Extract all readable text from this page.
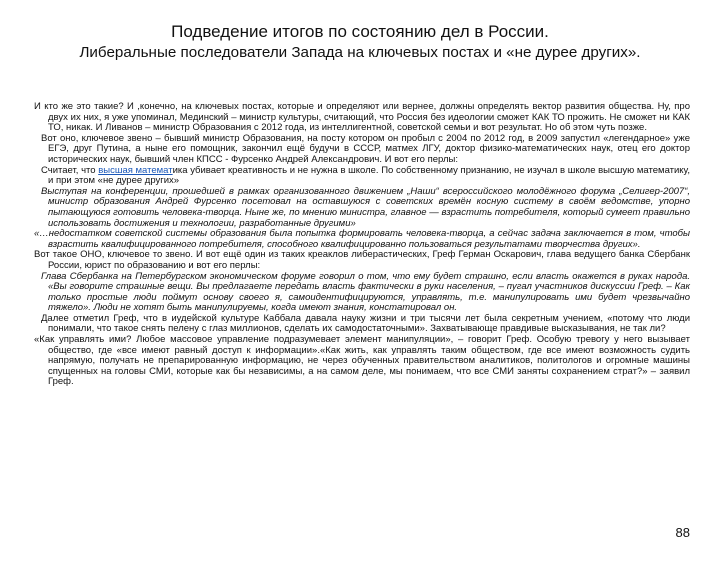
Подведение итогов по состоянию дел в России.
Либеральные последователи Запада на ключевых постах и «не дурее других».

И кто же это такие? И ,конечно, на ключевых постах, которые и определяют или вернее, должны определять вектор развития общества. Ну, про двух их них, я уже упоминал, Мединский – министр культуры, считающий, что Россия без идеологии сможет КАК ТО прожить. Не сможет ни КАК ТО, никак. И Ливанов – министр Образования с 2012 года, из интеллигентной, советской семьи и вот результат. Но об этом чуть позже.

Вот оно, ключевое звено – бывший министр Образования, на посту котором он пробыл с 2004 по 2012 год, в 2009 запустил «легендарное» уже ЕГЭ, друг Путина, а ныне его помощник, закончил ещё будучи в СССР, матмех ЛГУ, доктор физико-математических наук, отец его доктор исторических наук, бывший член КПСС - Фурсенко Андрей Александрович. И вот его перлы:

Считает, что высшая математика убивает креативность и не нужна в школе. По собственному признанию, не изучал в школе высшую математику, и при этом «не дурее других»

Выступая на конференции, прошедшей в рамках организованного движением „Наши“ всероссийского молодёжного форума „Селигер-2007“, министр образования Андрей Фурсенко посетовал на оставшуюся с советских времён косную систему в своём ведомстве, упорно пытающуюся готовить человека-творца. Ныне же, по мнению министра, главное — взрастить потребителя, который сумеет правильно использовать достижения и технологии, разработанные другими»

«…недостатком советской системы образования была попытка формировать человека-творца, а сейчас задача заключается в том, чтобы взрастить квалифицированного потребителя, способного квалифицированно пользоваться результатами творчества других».

Вот такое ОНО, ключевое то звено. И вот ещё один из таких креаклов либерастических, Греф Герман Оскарович, глава ведущего банка Сбербанк России, юрист по образованию и вот его перлы:

Глава Сбербанка на Петербургском экономическом форуме говорил о том, что ему будет страшно, если власть окажется в руках народа. «Вы говорите страшные вещи. Вы предлагаете передать власть фактически в руки населения, – пугал участников дискуссии Греф. – Как только простые люди поймут основу своего я, самоидентифицируются, управлять, т.е. манипулировать ими будет чрезвычайно тяжело». Люди не хотят быть манипулируемы, когда имеют знания, констатировал он.

Далее отметил Греф, что в иудейской культуре Каббала давала науку жизни и три тысячи лет была секретным учением, «потому что люди понимали, что такое снять пелену с глаз миллионов, сделать их самодостаточными». Захватывающе правдивые высказывания, не так ли?

«Как управлять ими? Любое массовое управление подразумевает элемент манипуляции», – говорит Греф. Особую тревогу у него вызывает общество, где «все имеют равный доступ к информации».«Как жить, как управлять таким обществом, где все имеют возможность судить напрямую, получать не препарированную информацию, не через обученных правительством аналитиков, политологов и огромные машины спущенных на головы СМИ, которые как бы независимы, а на самом деле, мы понимаем, что все СМИ заняты сохранением страт?» – заявил Греф.

88
